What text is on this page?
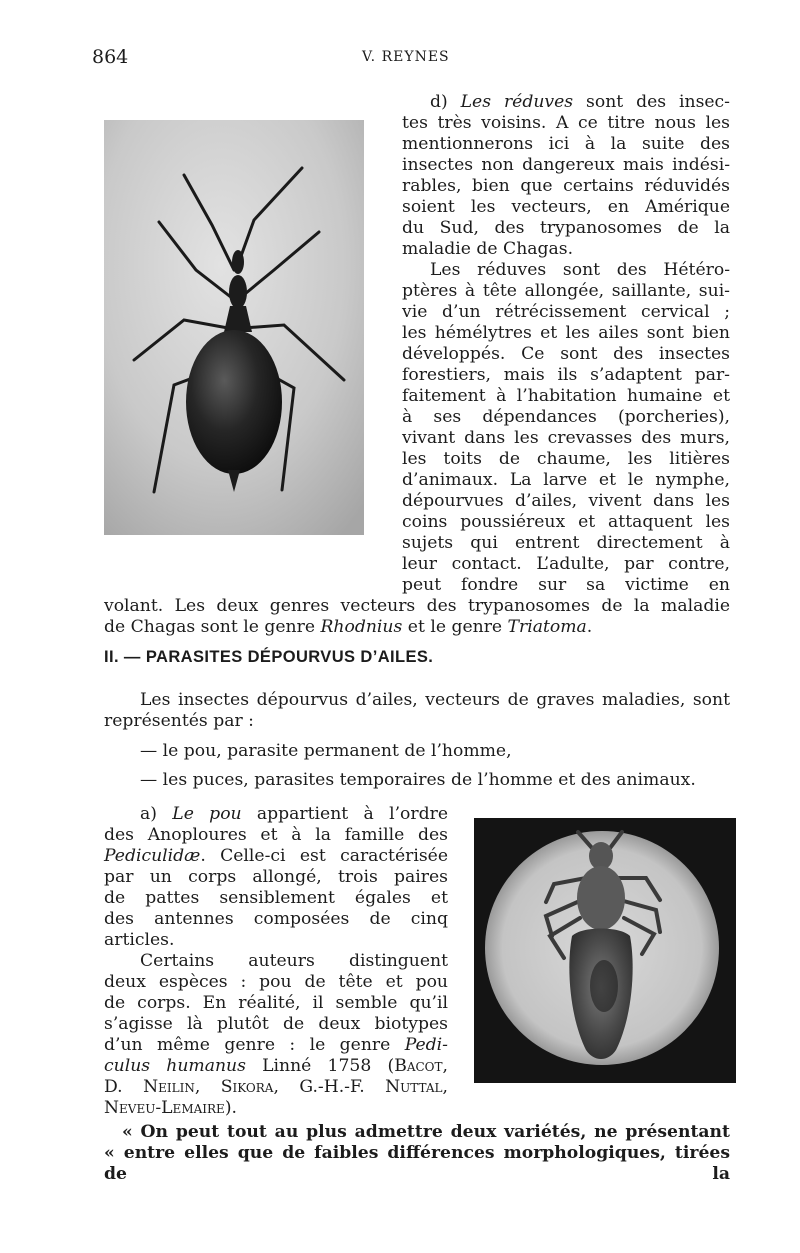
864	V. REYNES

d) Les réduves sont des insec-

tes très voisins. A ce titre nous les

mentionnerons ici à la suite des

insectes non dangereux mais indési-

rables, bien que certains réduvidés

soient les vecteurs, en Amérique

du Sud, des trypanosomes de la

maladie de Chagas.

Les réduves sont des Hétéro-

ptères à tête allongée, saillante, sui-

vie d’un rétrécissement cervical ;

les hémélytres et les ailes sont bien

développés. Ce sont des insectes

forestiers, mais ils s’adaptent par-

faitement à l’habitation humaine et

à ses dépendances (porcheries),

vivant dans les crevasses des murs,

les toits de chaume, les litières

d’animaux. La larve et le nymphe,

dépourvues d’ailes, vivent dans les

coins poussiéreux et attaquent les

sujets qui entrent directement à

leur contact. L’adulte, par contre,

peut fondre sur sa victime en

volant. Les deux genres vecteurs des trypanosomes de la maladie

de Chagas sont le genre Rhodnius et le genre Triatoma.

II. — PARASITES DÉPOURVUS D’AILES.

Les insectes dépourvus d’ailes, vecteurs de graves maladies, sont

représentés par :

— le pou, parasite permanent de l’homme,

— les puces, parasites temporaires de l’homme et des animaux.

a) Le pou appartient à l’ordre

des Anoploures et à la famille des

Pediculidæ. Celle-ci est caractérisée

par un corps allongé, trois paires

de pattes sensiblement égales et

des antennes composées de cinq

articles.

Certains auteurs distinguent

deux espèces : pou de tête et pou

de corps. En réalité, il semble qu’il

s’agisse là plutôt de deux biotypes

d’un même genre : le genre Pedi-

culus humanus Linné 1758 (Bacot,

D. Neilin, Sikora, G.-H.-F. Nuttal,

Neveu-Lemaire).

« On peut tout au plus admettre deux variétés, ne présentant

« entre elles que de faibles différences morphologiques, tirées de la
